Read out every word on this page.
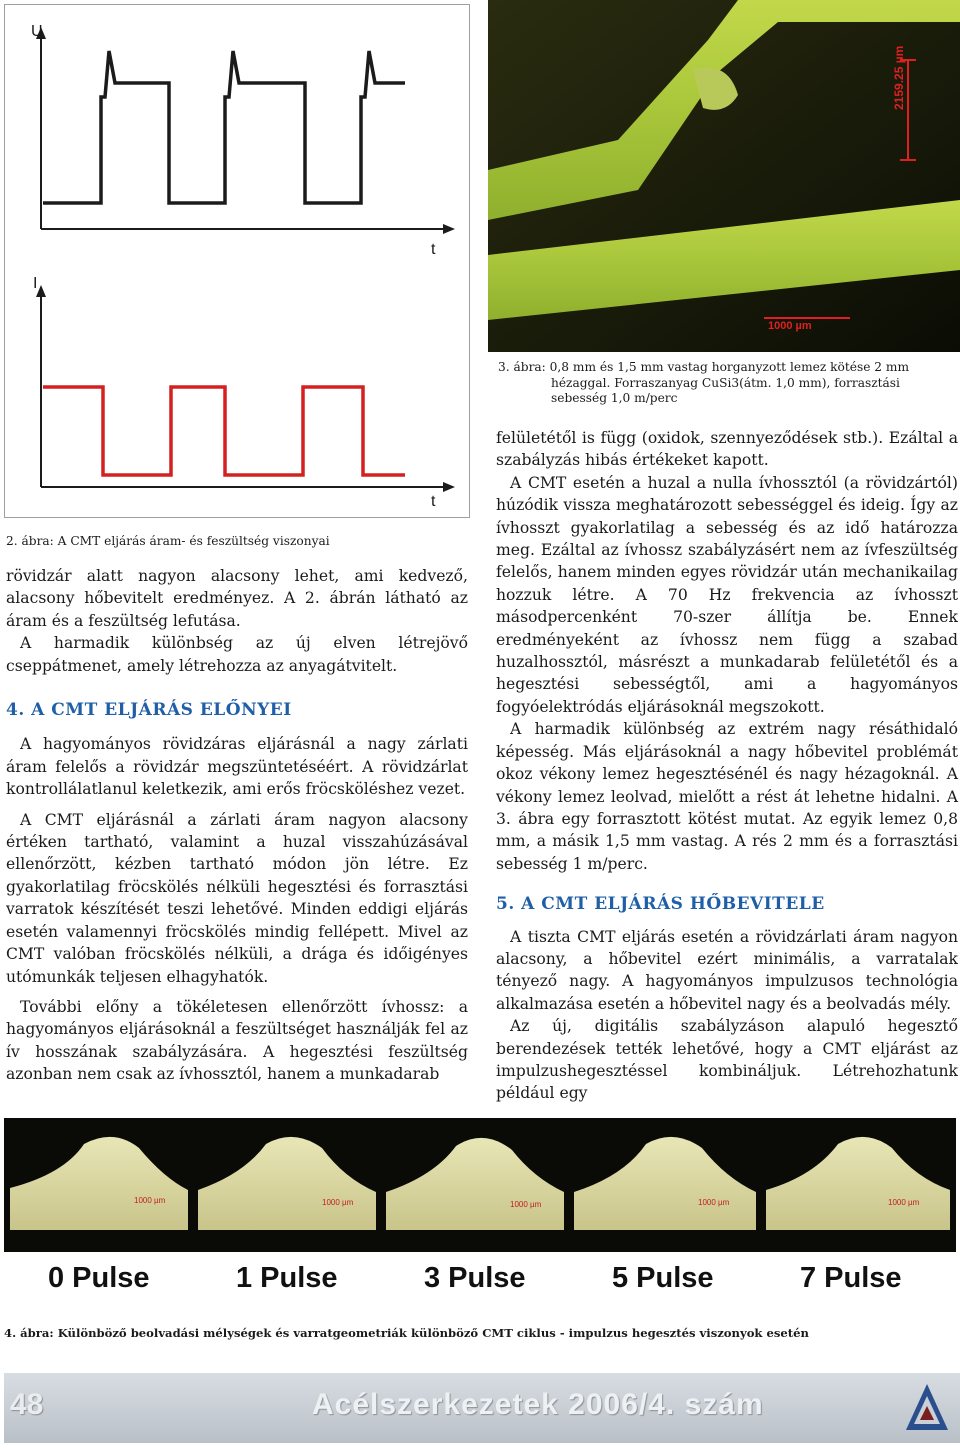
U
t
I
t
2. ábra: A CMT eljárás áram- és feszültség viszonyai
2159.25 µm
1000 µm
3. ábra: 0,8 mm és 1,5 mm vastag horganyzott lemez kötése 2 mm
hézaggal. Forraszanyag CuSi3(átm. 1,0 mm), forrasztási
sebesség 1,0 m/perc

rövidzár alatt nagyon alacsony lehet, ami kedvező, alacsony hőbevitelt eredményez. A 2. ábrán látható az áram és a feszültség lefutása.

A harmadik különbség az új elven létrejövő cseppátmenet, amely létrehozza az anyagátvitelt.

4. A CMT ELJÁRÁS ELŐNYEI

A hagyományos rövidzáras eljárásnál a nagy zárlati áram felelős a rövidzár megszüntetéséért. A rövidzárlat kontrollálatlanul keletkezik, ami erős fröcsköléshez vezet.

A CMT eljárásnál a zárlati áram nagyon alacsony értéken tartható, valamint a huzal visszahúzásával ellenőrzött, kézben tartható módon jön létre. Ez gyakorlatilag fröcskölés nélküli hegesztési és forrasztási varratok készítését teszi lehetővé. Minden eddigi eljárás esetén valamennyi fröcskölés mindig fellépett. Mivel az CMT valóban fröcskölés nélküli, a drága és időigényes utómunkák teljesen elhagyhatók.

További előny a tökéletesen ellenőrzött ívhossz: a hagyományos eljárásoknál a feszültséget használják fel az ív hosszának szabályzására. A hegesztési feszültség azonban nem csak az ívhossztól, hanem a munkadarab

felületétől is függ (oxidok, szennyeződések stb.). Ezáltal a szabályzás hibás értékeket kapott.

A CMT esetén a huzal a nulla ívhossztól (a rövidzártól) húzódik vissza meghatározott sebességgel és ideig. Így az ívhosszt gyakorlatilag a sebesség és az idő határozza meg. Ezáltal az ívhossz szabályzásért nem az ívfeszültség felelős, hanem minden egyes rövidzár után mechanikailag hozzuk létre. A 70 Hz frekvencia az ívhosszt másodpercenként 70-szer állítja be. Ennek eredményeként az ívhossz nem függ a szabad huzalhossztól, másrészt a munkadarab felületétől és a hegesztési sebességtől, ami a hagyományos fogyóelektródás eljárásoknál megszokott.

A harmadik különbség az extrém nagy résáthidaló képesség. Más eljárásoknál a nagy hőbevitel problémát okoz vékony lemez hegesztésénél és nagy hézagoknál. A vékony lemez leolvad, mielőtt a rést át lehetne hidalni. A 3. ábra egy forrasztott kötést mutat. Az egyik lemez 0,8 mm, a másik 1,5 mm vastag. A rés 2 mm és a forrasztási sebesség 1 m/perc.

5. A CMT ELJÁRÁS HŐBEVITELE

A tiszta CMT eljárás esetén a rövidzárlati áram nagyon alacsony, a hőbevitel ezért minimális, a varratalak tényező nagy. A hagyományos impulzusos technológia alkalmazása esetén a hőbevitel nagy és a beolvadás mély.

Az új, digitális szabályzáson alapuló hegesztő berendezések tették lehetővé, hogy a CMT eljárást az impulzushegesztéssel kombináljuk. Létrehozhatunk például egy

0 Pulse	1 Pulse	3 Pulse	5 Pulse	7 Pulse
1000 µm	1000 µm	1000 µm	1000 µm	1000 µm
4. ábra: Különböző beolvadási mélységek és varratgeometriák különböző CMT ciklus - impulzus hegesztés viszonyok esetén
48	Acélszerkezetek 2006/4. szám
